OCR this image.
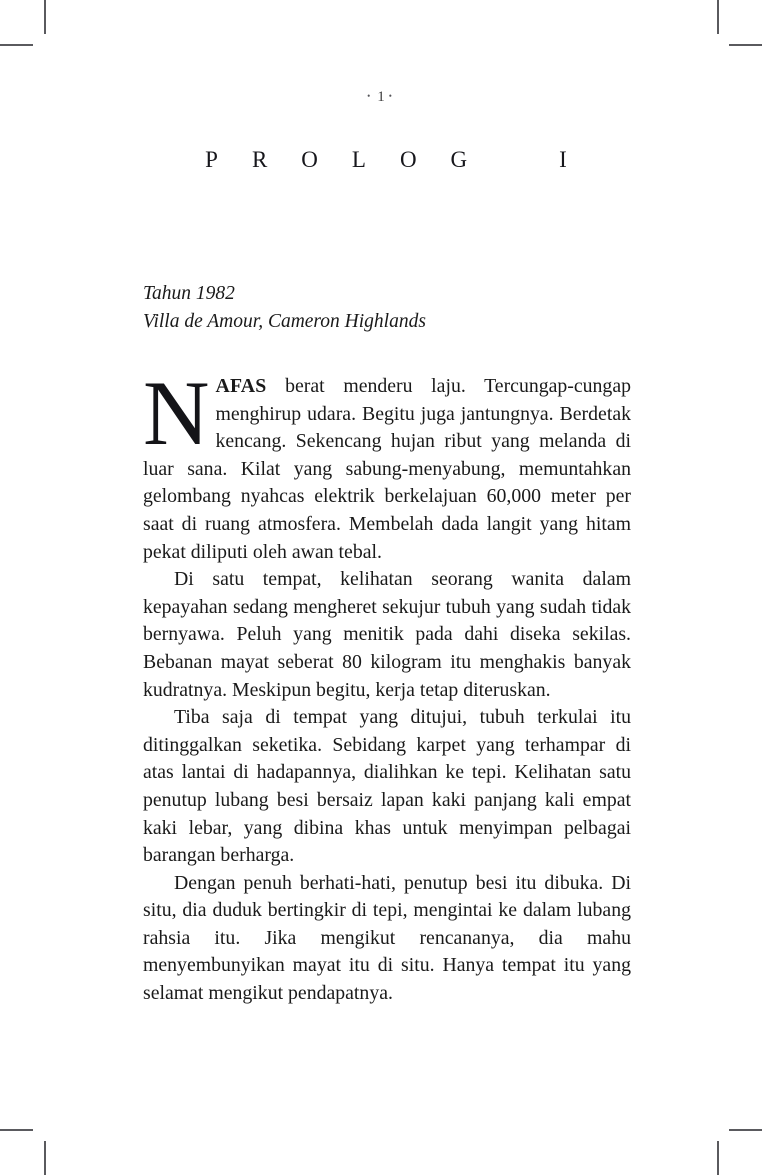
• 1 •
PROLOG	I

Tahun 1982
Villa de Amour, Cameron Highlands

NAFAS berat menderu laju. Tercungap-cungap menghirup udara. Begitu juga jantungnya. Berdetak kencang. Sekencang hujan ribut yang melanda di luar sana. Kilat yang sabung-menyabung, memuntahkan gelombang nyahcas elektrik berkelajuan 60,000 meter per saat di ruang atmosfera. Membelah dada langit yang hitam pekat diliputi oleh awan tebal.

Di satu tempat, kelihatan seorang wanita dalam kepayahan sedang mengheret sekujur tubuh yang sudah tidak bernyawa. Peluh yang menitik pada dahi diseka sekilas. Bebanan mayat seberat 80 kilogram itu menghakis banyak kudratnya. Meskipun begitu, kerja tetap diteruskan.

Tiba saja di tempat yang ditujui, tubuh terkulai itu ditinggalkan seketika. Sebidang karpet yang terhampar di atas lantai di hadapannya, dialihkan ke tepi. Kelihatan satu penutup lubang besi bersaiz lapan kaki panjang kali empat kaki lebar, yang dibina khas untuk menyimpan pelbagai barangan berharga.

Dengan penuh berhati-hati, penutup besi itu dibuka. Di situ, dia duduk bertingkir di tepi, mengintai ke dalam lubang rahsia itu. Jika mengikut rencananya, dia mahu menyembunyikan mayat itu di situ. Hanya tempat itu yang selamat mengikut pendapatnya.
